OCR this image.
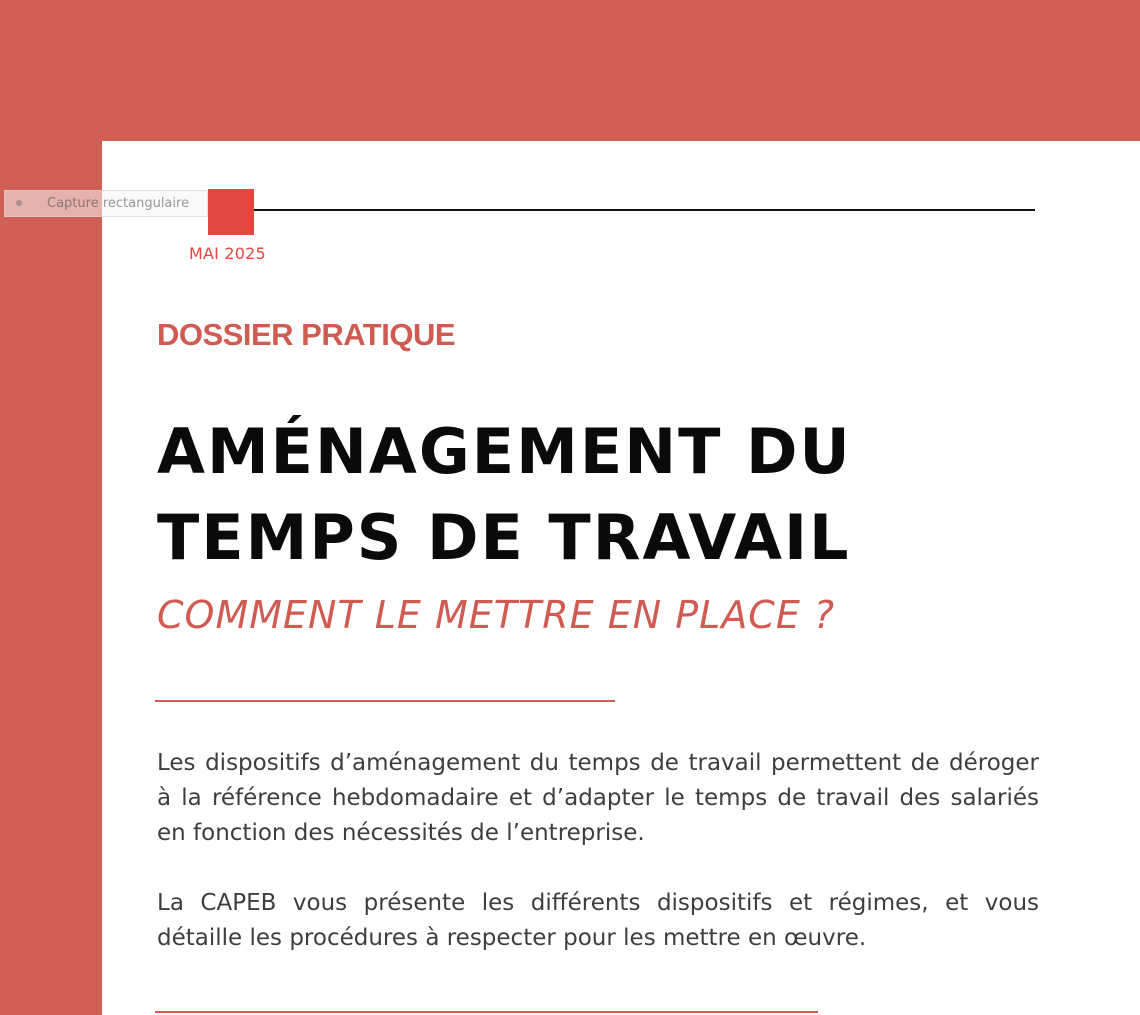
MAI 2025
DOSSIER PRATIQUE
AMÉNAGEMENT DU
TEMPS DE TRAVAIL
COMMENT LE METTRE EN PLACE ?

Les dispositifs d’aménagement du temps de travail permettent de déroger à la référence hebdomadaire et d’adapter le temps de travail des salariés en fonction des nécessités de l’entreprise.

La CAPEB vous présente les différents dispositifs et régimes, et vous détaille les procédures à respecter pour les mettre en œuvre.

Capture rectangulaire
